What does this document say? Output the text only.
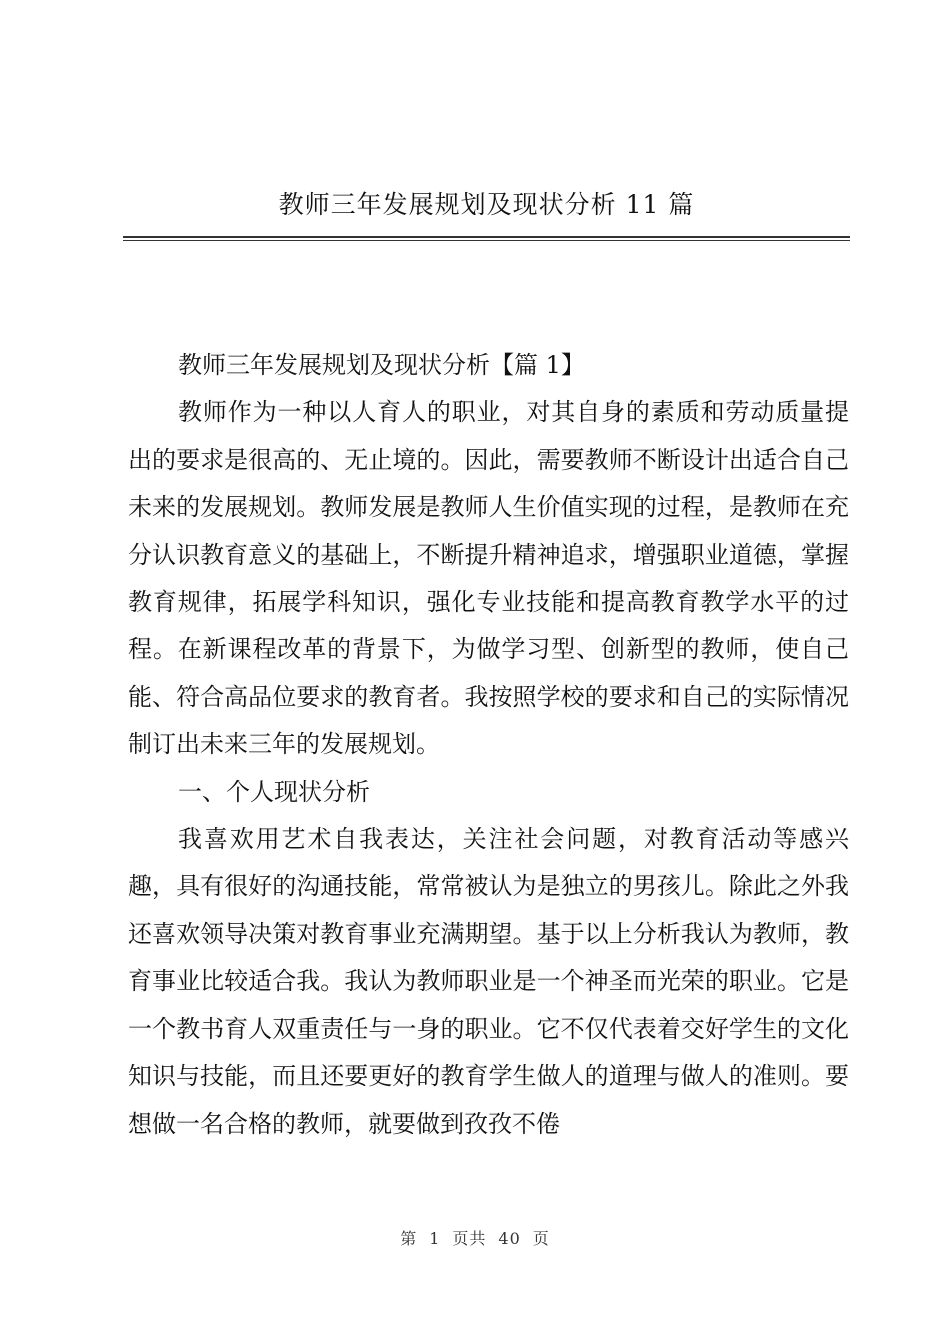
教师三年发展规划及现状分析 11 篇

教师三年发展规划及现状分析【篇 1】

教师作为一种以人育人的职业，对其自身的素质和劳动质量提出的要求是很高的、无止境的。因此，需要教师不断设计出适合自己未来的发展规划。教师发展是教师人生价值实现的过程，是教师在充分认识教育意义的基础上，不断提升精神追求，增强职业道德，掌握教育规律，拓展学科知识，强化专业技能和提高教育教学水平的过程。在新课程改革的背景下，为做学习型、创新型的教师，使自己能、符合高品位要求的教育者。我按照学校的要求和自己的实际情况制订出未来三年的发展规划。

一、个人现状分析

我喜欢用艺术自我表达，关注社会问题，对教育活动等感兴趣，具有很好的沟通技能，常常被认为是独立的男孩儿。除此之外我还喜欢领导决策对教育事业充满期望。基于以上分析我认为教师，教育事业比较适合我。我认为教师职业是一个神圣而光荣的职业。它是一个教书育人双重责任与一身的职业。它不仅代表着交好学生的文化知识与技能，而且还要更好的教育学生做人的道理与做人的准则。要想做一名合格的教师，就要做到孜孜不倦

第 1 页共 40 页
